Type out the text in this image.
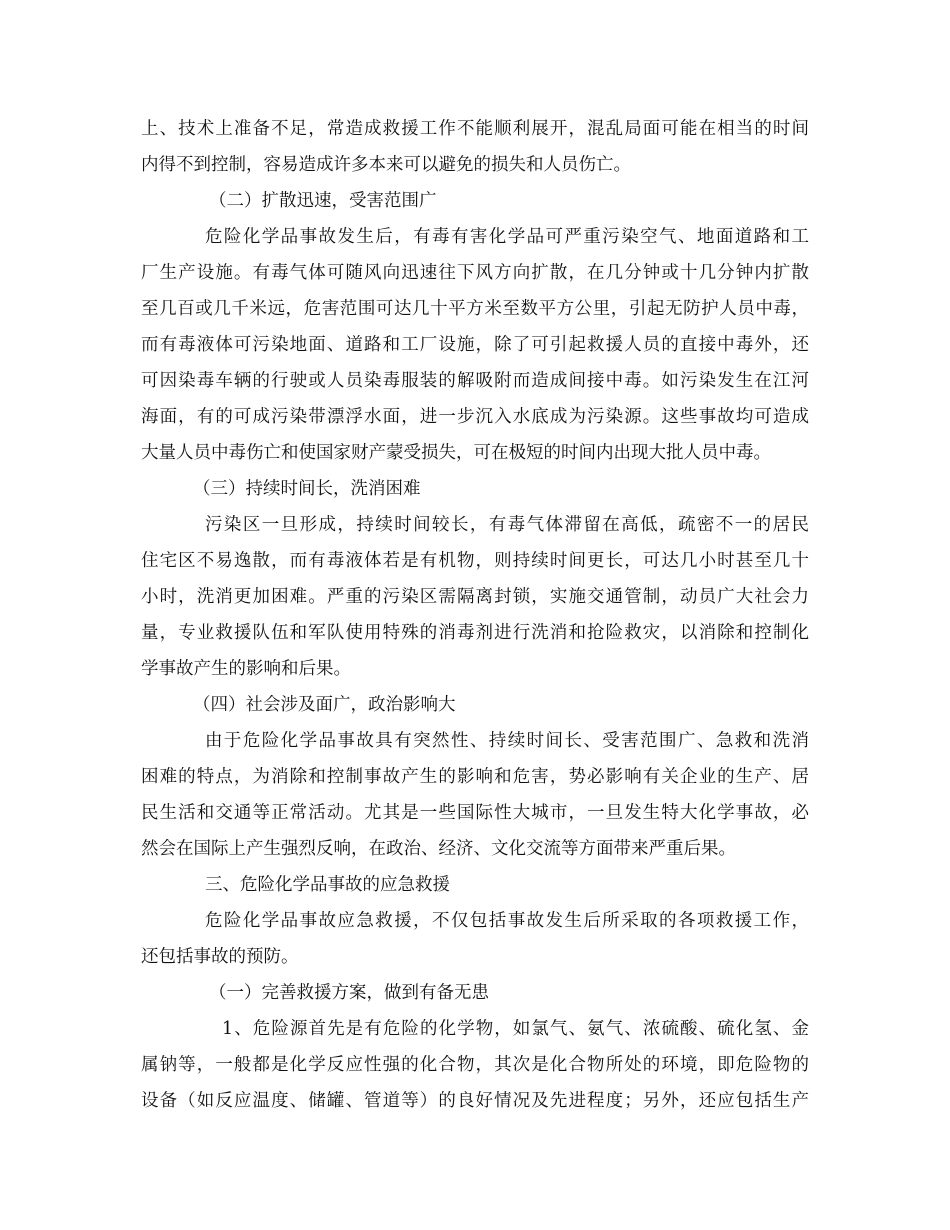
上、技术上准备不足，常造成救援工作不能顺利展开，混乱局面可能在相当的时间
内得不到控制，容易造成许多本来可以避免的损失和人员伤亡。
（二）扩散迅速，受害范围广
危险化学品事故发生后，有毒有害化学品可严重污染空气、地面道路和工
厂生产设施。有毒气体可随风向迅速往下风方向扩散，在几分钟或十几分钟内扩散
至几百或几千米远，危害范围可达几十平方米至数平方公里，引起无防护人员中毒，
而有毒液体可污染地面、道路和工厂设施，除了可引起救援人员的直接中毒外，还
可因染毒车辆的行驶或人员染毒服装的解吸附而造成间接中毒。如污染发生在江河
海面，有的可成污染带漂浮水面，进一步沉入水底成为污染源。这些事故均可造成
大量人员中毒伤亡和使国家财产蒙受损失，可在极短的时间内出现大批人员中毒。
（三）持续时间长，洗消困难
污染区一旦形成，持续时间较长，有毒气体滞留在高低，疏密不一的居民
住宅区不易逸散，而有毒液体若是有机物，则持续时间更长，可达几小时甚至几十
小时，洗消更加困难。严重的污染区需隔离封锁，实施交通管制，动员广大社会力
量，专业救援队伍和军队使用特殊的消毒剂进行洗消和抢险救灾，以消除和控制化
学事故产生的影响和后果。
（四）社会涉及面广，政治影响大
由于危险化学品事故具有突然性、持续时间长、受害范围广、急救和洗消
困难的特点，为消除和控制事故产生的影响和危害，势必影响有关企业的生产、居
民生活和交通等正常活动。尤其是一些国际性大城市，一旦发生特大化学事故，必
然会在国际上产生强烈反响，在政治、经济、文化交流等方面带来严重后果。
三、危险化学品事故的应急救援
危险化学品事故应急救援，不仅包括事故发生后所采取的各项救援工作，
还包括事故的预防。
（一）完善救援方案，做到有备无患
1、危险源首先是有危险的化学物，如氯气、氨气、浓硫酸、硫化氢、金
属钠等，一般都是化学反应性强的化合物，其次是化合物所处的环境，即危险物的
设备（如反应温度、储罐、管道等）的良好情况及先进程度；另外，还应包括生产
